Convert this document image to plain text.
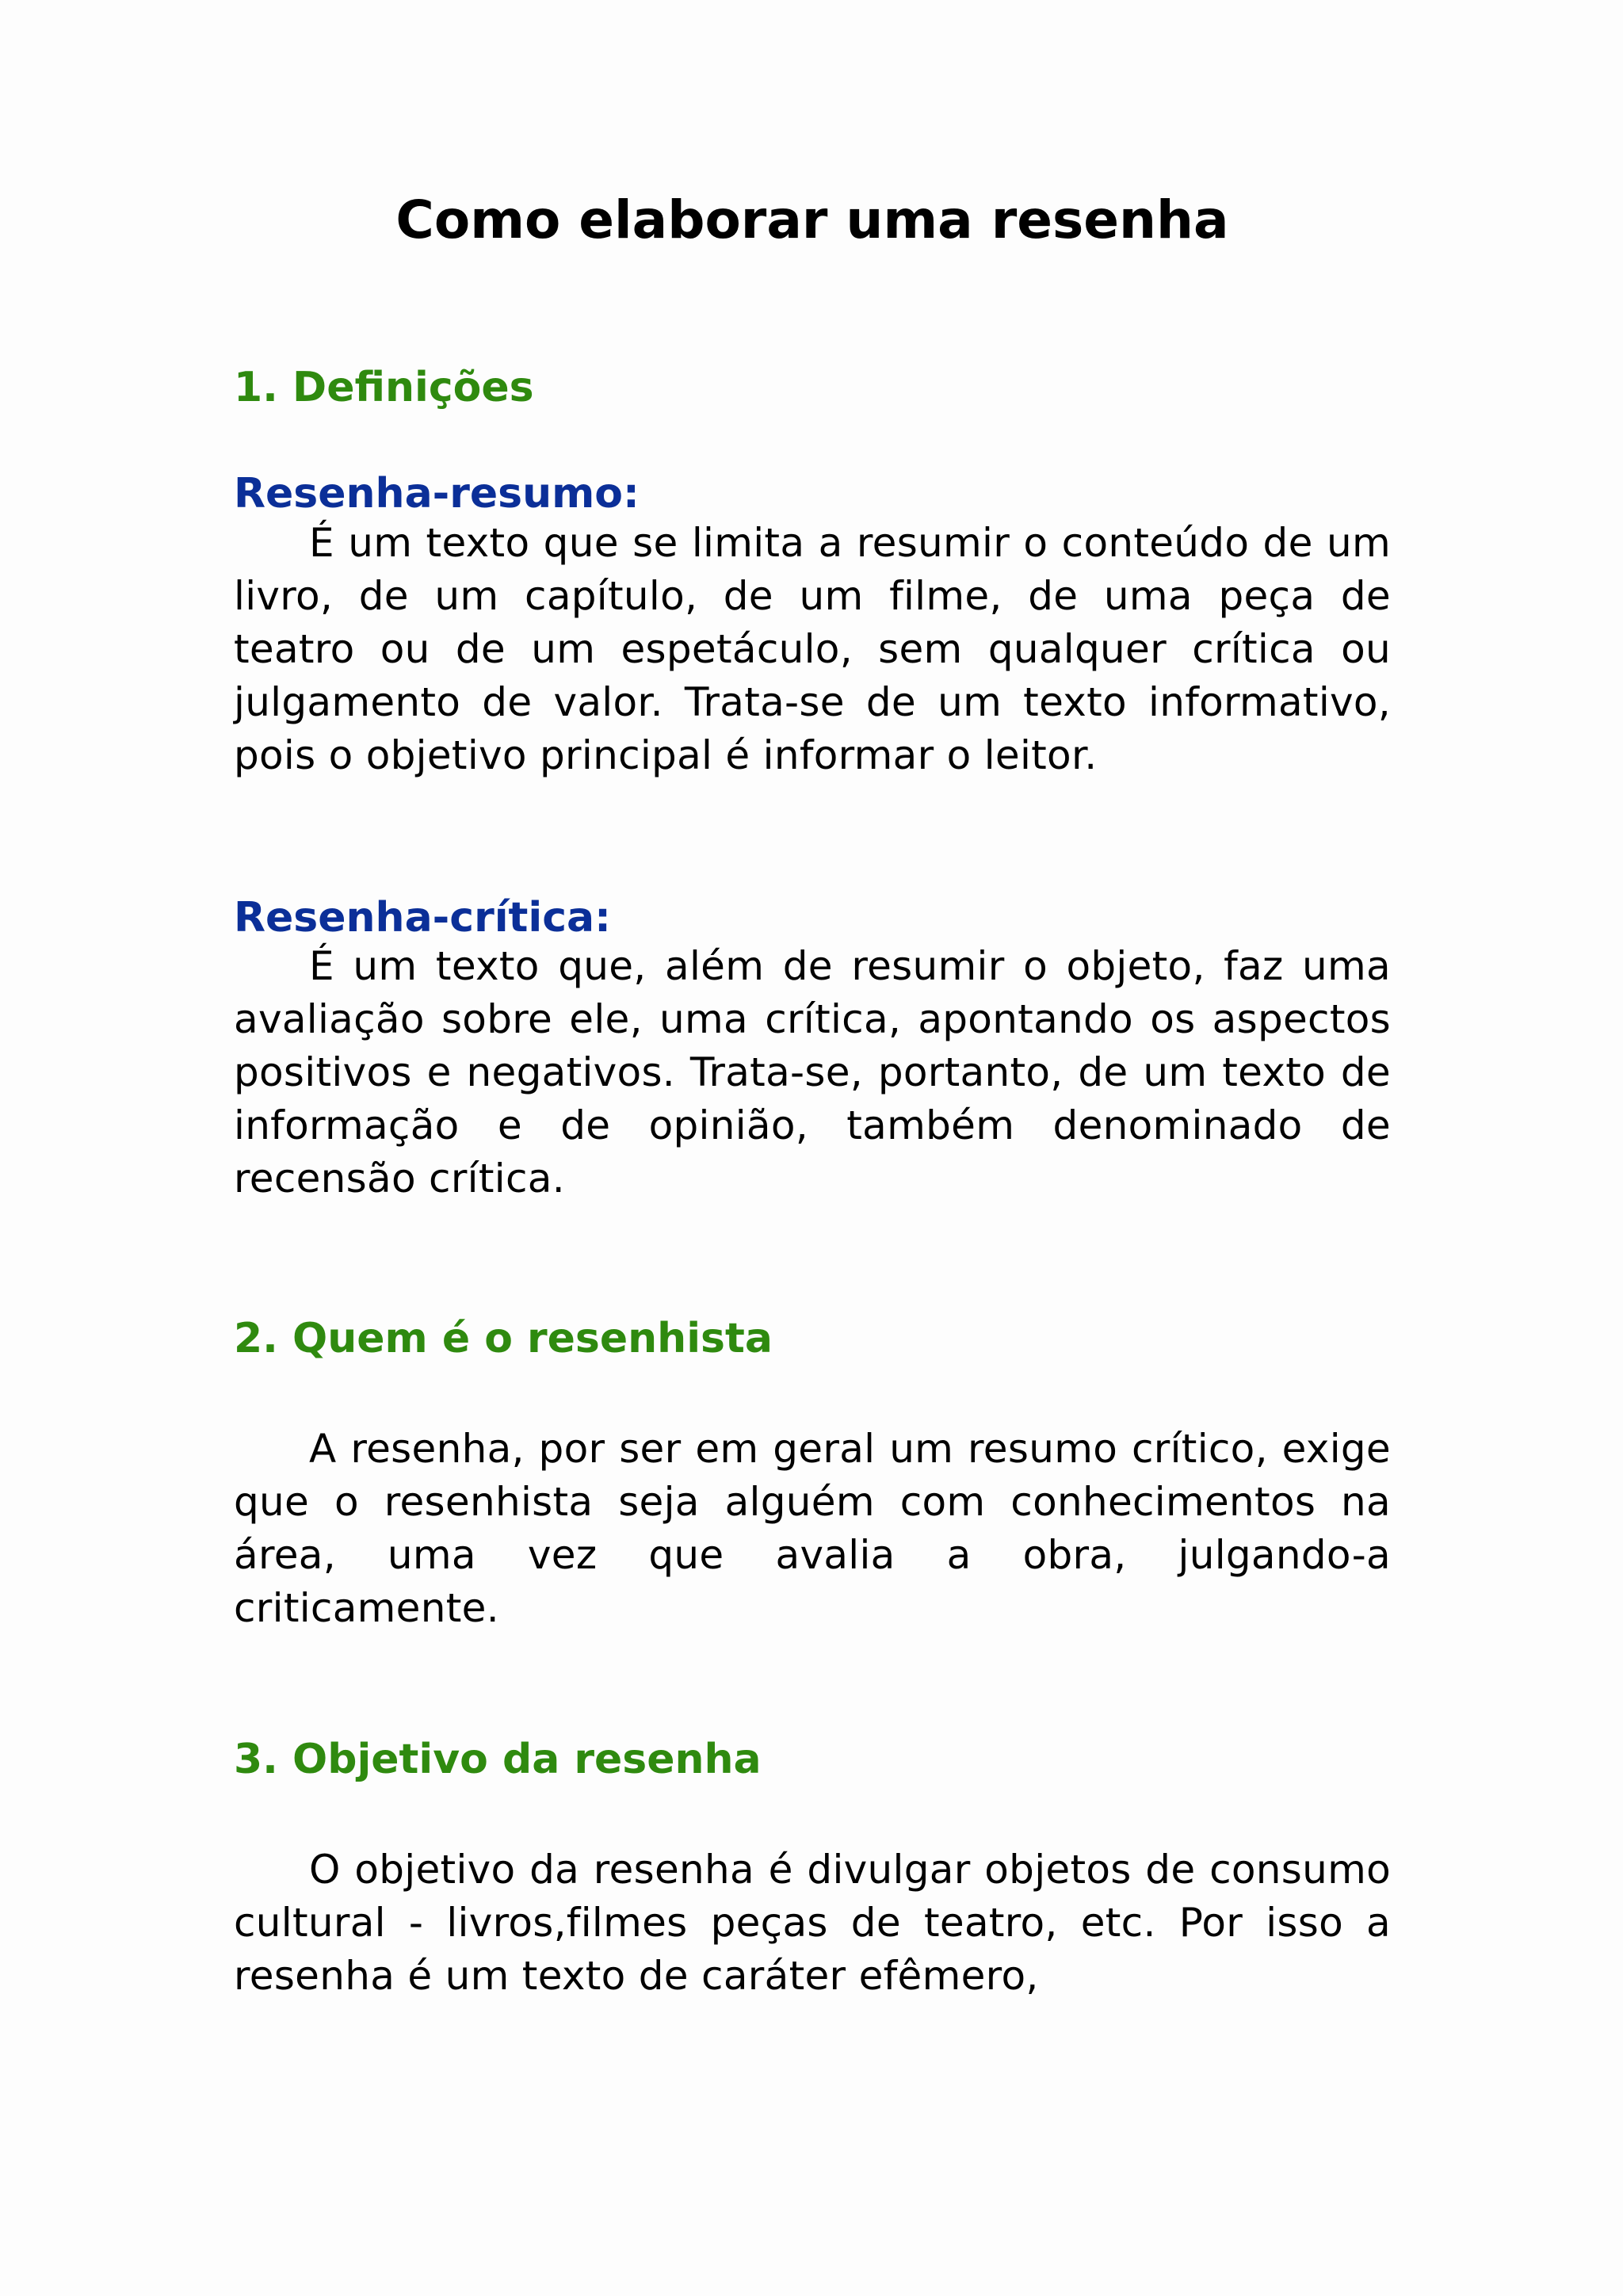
Como elaborar uma resenha
1. Definições
Resenha-resumo:

É um texto que se limita a resumir o conteúdo de um livro, de um capítulo, de um filme, de uma peça de teatro ou de um espetáculo, sem qualquer crítica ou julgamento de valor. Trata-se de um texto informativo, pois o objetivo principal é informar o leitor.

Resenha-crítica:

É um texto que, além de resumir o objeto, faz uma avaliação sobre ele, uma crítica, apontando os aspectos positivos e negativos. Trata-se, portanto, de um texto de informação e de opinião, também denominado de recensão crítica.

2. Quem é o resenhista

A resenha, por ser em geral um resumo crítico, exige que o resenhista seja alguém com conhecimentos na área, uma vez que avalia a obra, julgando-a criticamente.

3. Objetivo da resenha

O objetivo da resenha é divulgar objetos de consumo cultural - livros,filmes peças de teatro, etc. Por isso a resenha é um texto de caráter efêmero,
